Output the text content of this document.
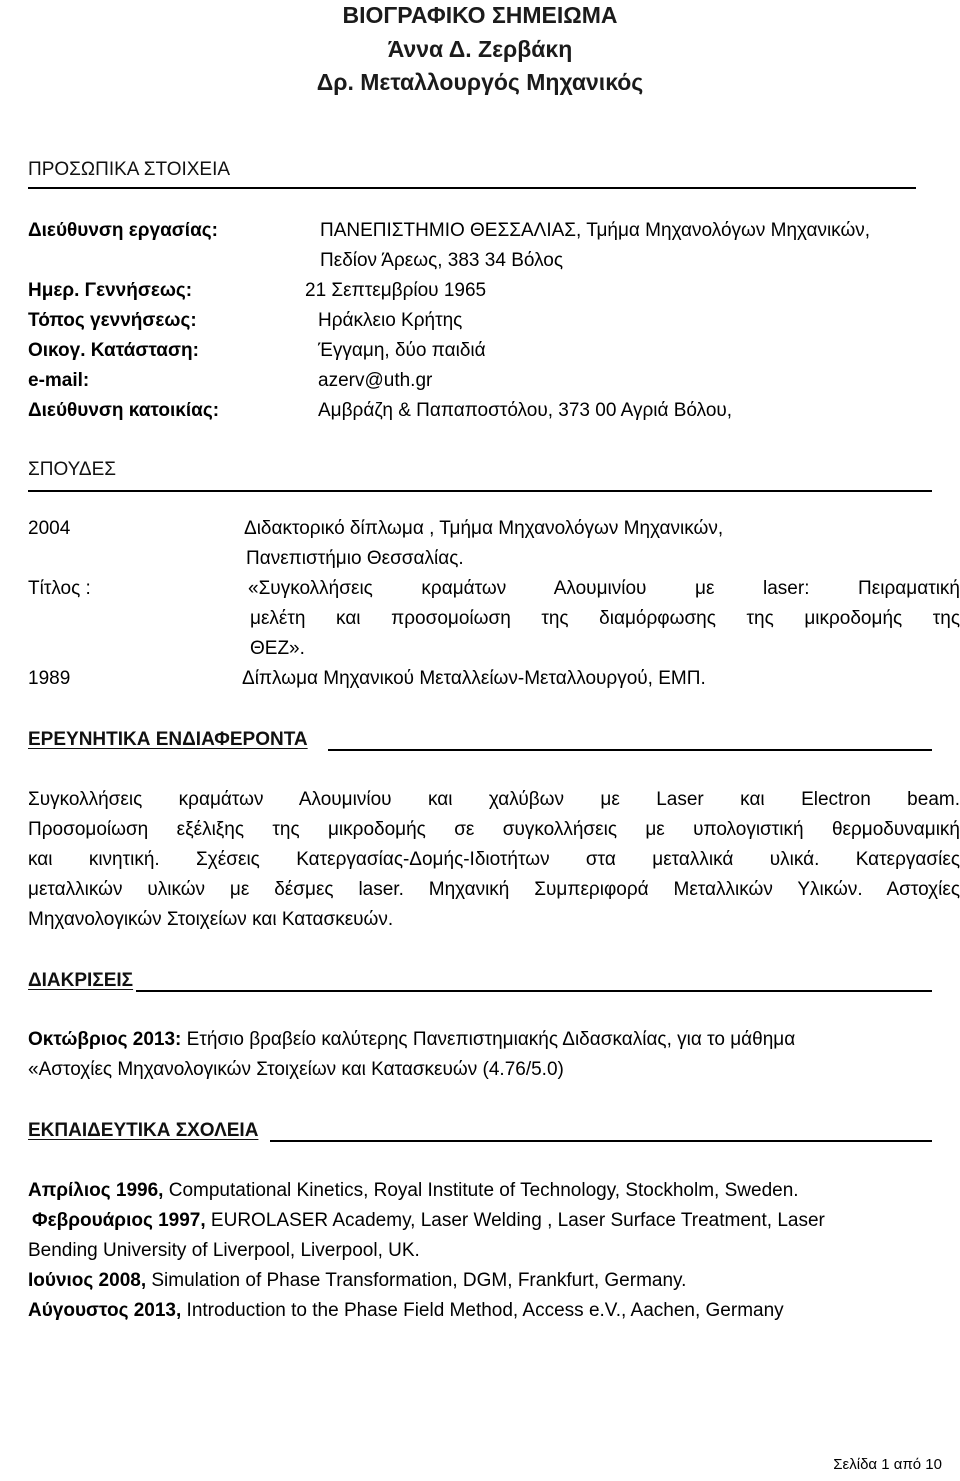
ΒΙΟΓΡΑΦΙΚΟ ΣΗΜΕΙΩΜΑ
Άννα Δ. Ζερβάκη
Δρ. Μεταλλουργός Μηχανικός
ΠΡΟΣΩΠΙΚΑ ΣΤΟΙΧΕΙΑ
Διεύθυνση εργασίας:	ΠΑΝΕΠΙΣΤΗΜΙΟ ΘΕΣΣΑΛΙΑΣ, Τμήμα Μηχανολόγων Μηχανικών,
Πεδίον Άρεως, 383 34 Βόλος
Ημερ. Γεννήσεως:	21 Σεπτεμβρίου 1965
Τόπος γεννήσεως:	Ηράκλειο Κρήτης
Οικογ. Κατάσταση:	Έγγαμη, δύο παιδιά
e-mail:	azerv@uth.gr
Διεύθυνση κατοικίας:	Αμβράζη & Παπαποστόλου, 373 00 Αγριά Βόλου,
ΣΠΟΥΔΕΣ
2004	Διδακτορικό δίπλωμα , Τμήμα Μηχανολόγων Μηχανικών,
Πανεπιστήμιο Θεσσαλίας.
Τίτλος :	«Συγκολλήσεις κραμάτων Αλουμινίου με laser: Πειραματική
μελέτη και προσομοίωση της διαμόρφωσης της μικροδομής της
ΘΕΖ».
1989	Δίπλωμα Μηχανικού Μεταλλείων-Μεταλλουργού, ΕΜΠ.
ΕΡΕΥΝΗΤΙΚΑ ΕΝΔΙΑΦΕΡΟΝΤΑ
Συγκολλήσεις κραμάτων Αλουμινίου και χαλύβων με Laser και Electron beam.
Προσομοίωση εξέλιξης της μικροδομής σε συγκολλήσεις με υπολογιστική θερμοδυναμική
και κινητική. Σχέσεις Κατεργασίας-Δομής-Ιδιοτήτων στα μεταλλικά υλικά. Κατεργασίες
μεταλλικών υλικών με δέσμες laser. Μηχανική Συμπεριφορά Μεταλλικών Υλικών. Αστοχίες
Μηχανολογικών Στοιχείων και Κατασκευών.
ΔΙΑΚΡΙΣΕΙΣ
Οκτώβριος 2013: Ετήσιο βραβείο καλύτερης Πανεπιστημιακής Διδασκαλίας, για το μάθημα
«Αστοχίες Μηχανολογικών Στοιχείων και Κατασκευών (4.76/5.0)
ΕΚΠΑΙΔΕΥΤΙΚΑ ΣΧΟΛΕΙΑ
Απρίλιος 1996, Computational Kinetics, Royal Institute of Technology, Stockholm, Sweden.
Φεβρουάριος 1997, EUROLASER Academy, Laser Welding , Laser Surface Treatment, Laser
Bending University of Liverpool, Liverpool, UK.
Ιούνιος 2008, Simulation of Phase Transformation, DGM, Frankfurt, Germany.
Αύγουστος 2013, Introduction to the Phase Field Method, Access e.V., Aachen, Germany
Σελίδα 1 από 10
